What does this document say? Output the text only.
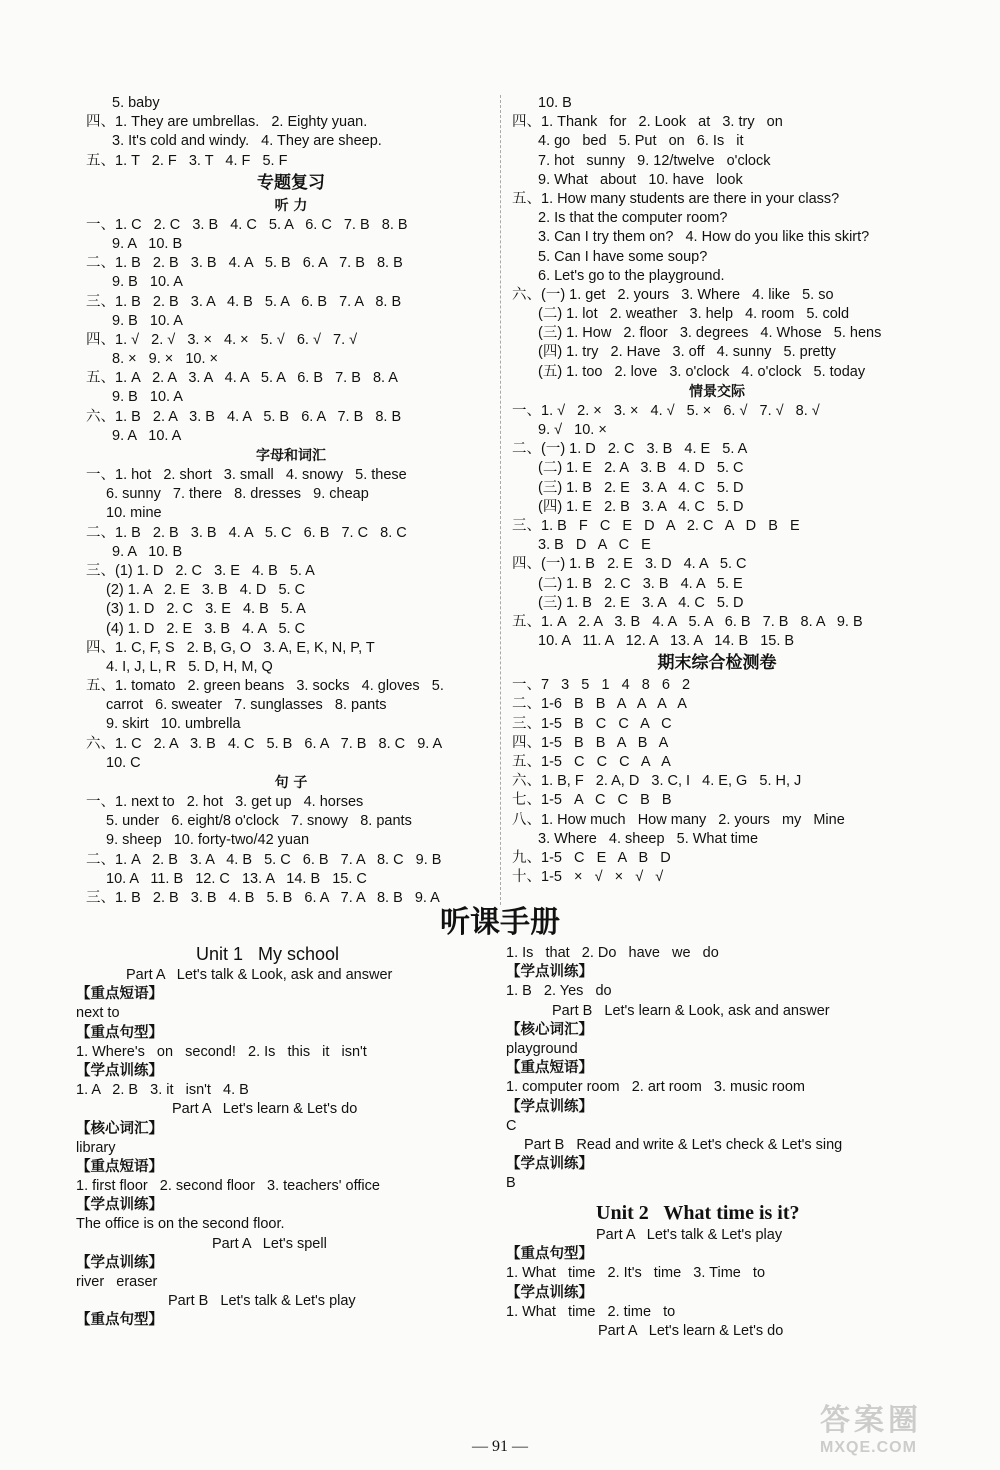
5. baby
四、1. They are umbrellas.   2. Eighty yuan.
3. It's cold and windy.   4. They are sheep.
五、1. T   2. F   3. T   4. F   5. F
专题复习
听 力
一、1. C   2. C   3. B   4. C   5. A   6. C   7. B   8. B
9. A   10. B
二、1. B   2. B   3. B   4. A   5. B   6. A   7. B   8. B
9. B   10. A
三、1. B   2. B   3. A   4. B   5. A   6. B   7. A   8. B
9. B   10. A
四、1. √   2. √   3. ×   4. ×   5. √   6. √   7. √
8. ×   9. ×   10. ×
五、1. A   2. A   3. A   4. A   5. A   6. B   7. B   8. A
9. B   10. A
六、1. B   2. A   3. B   4. A   5. B   6. A   7. B   8. B
9. A   10. A
字母和词汇
一、1. hot   2. short   3. small   4. snowy   5. these
6. sunny   7. there   8. dresses   9. cheap
10. mine
二、1. B   2. B   3. B   4. A   5. C   6. B   7. C   8. C
9. A   10. B
三、(1) 1. D   2. C   3. E   4. B   5. A
(2) 1. A   2. E   3. B   4. D   5. C
(3) 1. D   2. C   3. E   4. B   5. A
(4) 1. D   2. E   3. B   4. A   5. C
四、1. C, F, S   2. B, G, O   3. A, E, K, N, P, T
4. I, J, L, R   5. D, H, M, Q
五、1. tomato   2. green beans   3. socks   4. gloves   5.
carrot   6. sweater   7. sunglasses   8. pants
9. skirt   10. umbrella
六、1. C   2. A   3. B   4. C   5. B   6. A   7. B   8. C   9. A
10. C
句 子
一、1. next to   2. hot   3. get up   4. horses
5. under   6. eight/8 o'clock   7. snowy   8. pants
9. sheep   10. forty-two/42 yuan
二、1. A   2. B   3. A   4. B   5. C   6. B   7. A   8. C   9. B
10. A   11. B   12. C   13. A   14. B   15. C
三、1. B   2. B   3. B   4. B   5. B   6. A   7. A   8. B   9. A
10. B
四、1. Thank   for   2. Look   at   3. try   on
4. go   bed   5. Put   on   6. Is   it
7. hot   sunny   9. 12/twelve   o'clock
9. What   about   10. have   look
五、1. How many students are there in your class?
2. Is that the computer room?
3. Can I try them on?   4. How do you like this skirt?
5. Can I have some soup?
6. Let's go to the playground.
六、(一) 1. get   2. yours   3. Where   4. like   5. so
(二) 1. lot   2. weather   3. help   4. room   5. cold
(三) 1. How   2. floor   3. degrees   4. Whose   5. hens
(四) 1. try   2. Have   3. off   4. sunny   5. pretty
(五) 1. too   2. love   3. o'clock   4. o'clock   5. today
情景交际
一、1. √   2. ×   3. ×   4. √   5. ×   6. √   7. √   8. √
9. √   10. ×
二、(一) 1. D   2. C   3. B   4. E   5. A
(二) 1. E   2. A   3. B   4. D   5. C
(三) 1. B   2. E   3. A   4. C   5. D
(四) 1. E   2. B   3. A   4. C   5. D
三、1. B   F   C   E   D   A   2. C   A   D   B   E
3. B   D   A   C   E
四、(一) 1. B   2. E   3. D   4. A   5. C
(二) 1. B   2. C   3. B   4. A   5. E
(三) 1. B   2. E   3. A   4. C   5. D
五、1. A   2. A   3. B   4. A   5. A   6. B   7. B   8. A   9. B
10. A   11. A   12. A   13. A   14. B   15. B
期末综合检测卷
一、7   3   5   1   4   8   6   2
二、1-6   B   B   A   A   A   A
三、1-5   B   C   C   A   C
四、1-5   B   B   A   B   A
五、1-5   C   C   C   A   A
六、1. B, F   2. A, D   3. C, I   4. E, G   5. H, J
七、1-5   A   C   C   B   B
八、1. How much   How many   2. yours   my   Mine
3. Where   4. sheep   5. What time
九、1-5   C   E   A   B   D
十、1-5   ×   √   ×   √   √
听课手册
Unit 1   My school
Part A   Let's talk & Look, ask and answer
【重点短语】
next to
【重点句型】
1. Where's   on   second!   2. Is   this   it   isn't
【学点训练】
1. A   2. B   3. it   isn't   4. B
Part A   Let's learn & Let's do
【核心词汇】
library
【重点短语】
1. first floor   2. second floor   3. teachers' office
【学点训练】
The office is on the second floor.
Part A   Let's spell
【学点训练】
river   eraser
Part B   Let's talk & Let's play
【重点句型】
1. Is   that   2. Do   have   we   do
【学点训练】
1. B   2. Yes   do
Part B   Let's learn & Look, ask and answer
【核心词汇】
playground
【重点短语】
1. computer room   2. art room   3. music room
【学点训练】
C
Part B   Read and write & Let's check & Let's sing
【学点训练】
B
Unit 2   What time is it?
Part A   Let's talk & Let's play
【重点句型】
1. What   time   2. It's   time   3. Time   to
【学点训练】
1. What   time   2. time   to
Part A   Let's learn & Let's do
— 91 —
答案圈
MXQE.COM
